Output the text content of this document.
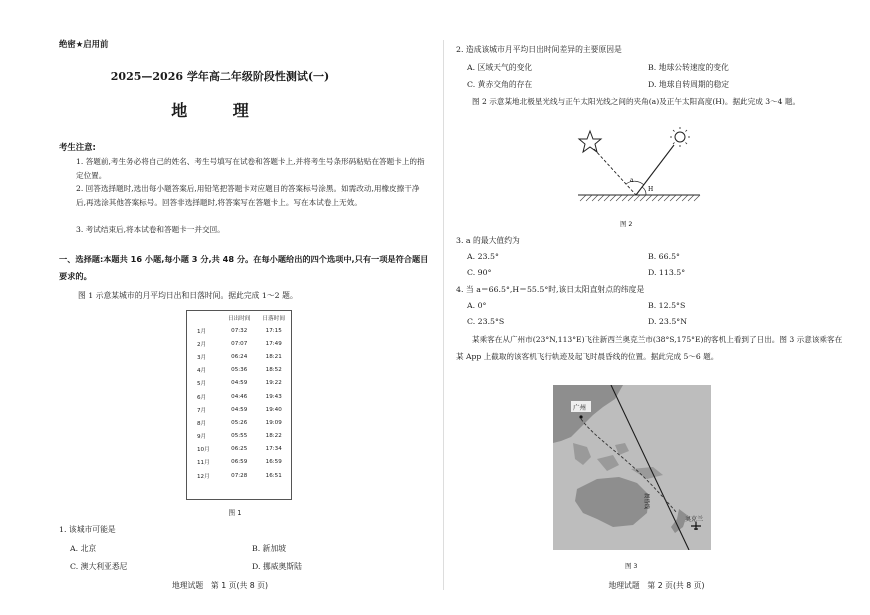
绝密★启用前
2025—2026 学年高二年级阶段性测试(一)
地 理
考生注意:
1. 答题前,考生务必将自己的姓名、考生号填写在试卷和答题卡上,并将考生号条形码粘贴在答题卡上的指定位置。
2. 回答选择题时,选出每小题答案后,用铅笔把答题卡对应题目的答案标号涂黑。如需改动,用橡皮擦干净后,再选涂其他答案标号。回答非选择题时,将答案写在答题卡上。写在本试卷上无效。
3. 考试结束后,将本试卷和答题卡一并交回。
一、选择题:本题共 16 小题,每小题 3 分,共 48 分。在每小题给出的四个选项中,只有一项是符合题目要求的。
图 1 示意某城市的月平均日出和日落时间。据此完成 1～2 题。
	日出时间	日落时间
1月	07:32	17:15
2月	07:07	17:49
3月	06:24	18:21
4月	05:36	18:52
5月	04:59	19:22
6月	04:46	19:43
7月	04:59	19:40
8月	05:26	19:09
9月	05:55	18:22
10月	06:25	17:34
11月	06:59	16:59
12月	07:28	16:51
图 1
1. 该城市可能是
A. 北京	B. 新加坡
C. 澳大利亚悉尼	D. 挪威奥斯陆
地理试题　第 1 页(共 8 页)
2. 造成该城市月平均日出时间差异的主要原因是
A. 区域天气的变化	B. 地球公转速度的变化
C. 黄赤交角的存在	D. 地球自转周期的稳定
图 2 示意某地北极星光线与正午太阳光线之间的夹角(a)及正午太阳高度(H)。据此完成 3～4 题。
a
H
图 2
3. a 的最大值约为
A. 23.5°	B. 66.5°
C. 90°	D. 113.5°
4. 当 a＝66.5°,H＝55.5°时,该日太阳直射点的纬度是
A. 0°	B. 12.5°S
C. 23.5°S	D. 23.5°N
某乘客在从广州市(23°N,113°E)飞往新西兰奥克兰市(38°S,175°E)的客机上看到了日出。图 3 示意该乘客在某 App 上截取的该客机飞行轨迹及起飞时晨昏线的位置。据此完成 5～6 题。
广州
奥克兰
晨昏线
图 3
地理试题　第 2 页(共 8 页)
